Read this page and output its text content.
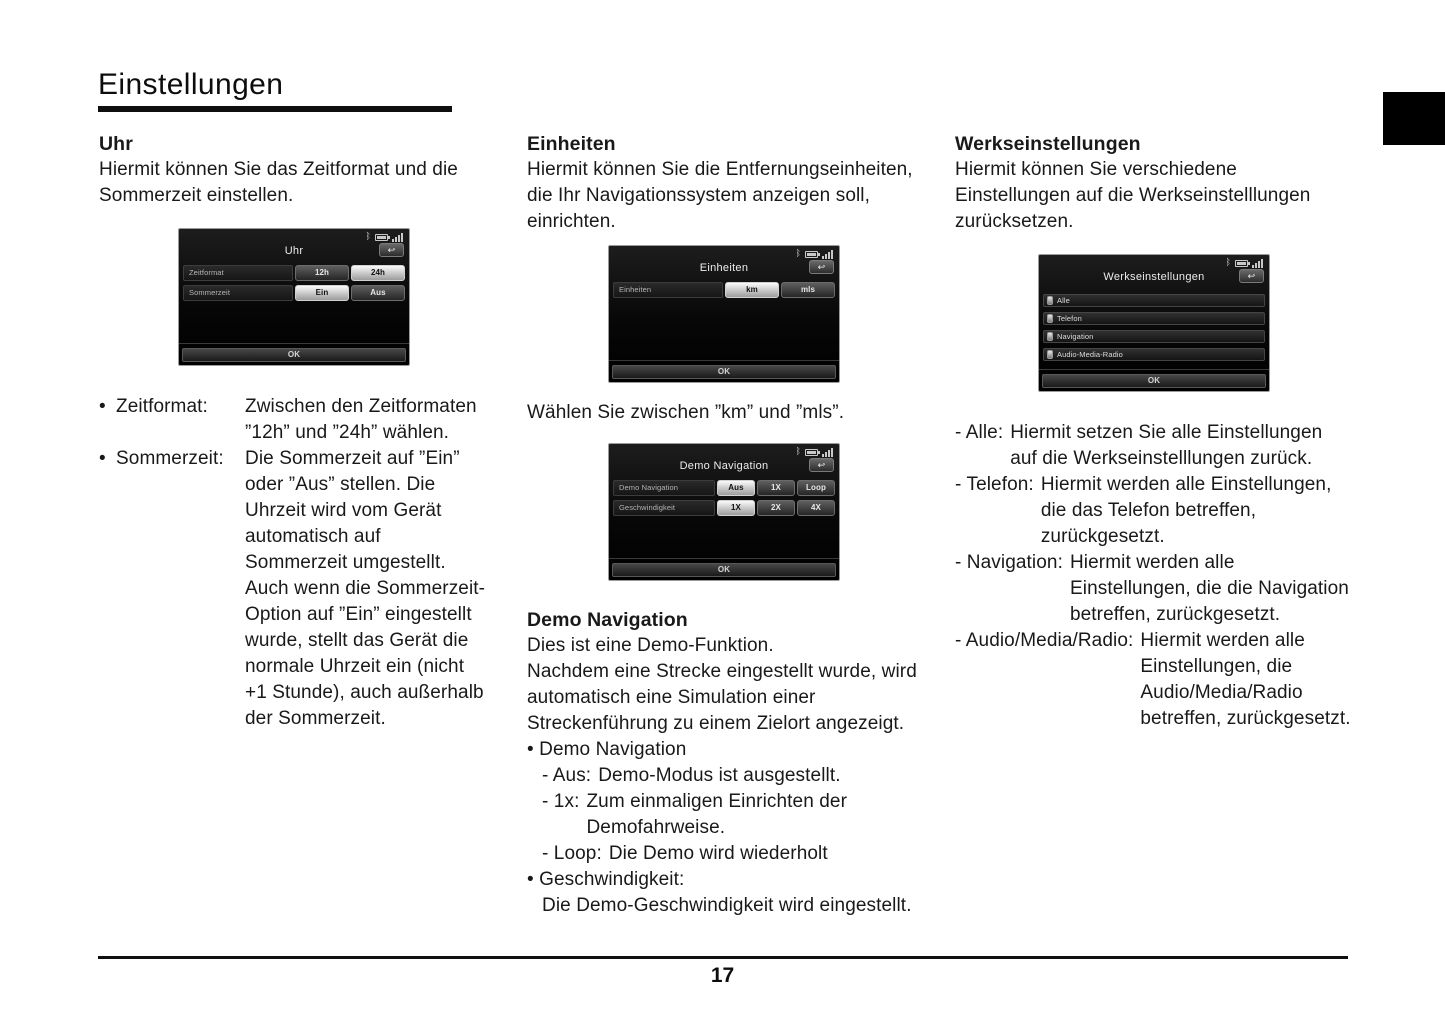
Einstellungen
17
Uhr
Hiermit können Sie das Zeitformat und die Sommerzeit einstellen.
ᛒ
Uhr	↩
Zeitformat	12h	24h
Sommerzeit	Ein	Aus
OK
• Zeitformat:	Zwischen den Zeitformaten ”12h” und ”24h” wählen.
• Sommerzeit:	Die Sommerzeit auf ”Ein” oder ”Aus” stellen. Die Uhrzeit wird vom Gerät automatisch auf Sommerzeit umgestellt. Auch wenn die Sommerzeit-Option auf ”Ein” eingestellt wurde, stellt das Gerät die normale Uhrzeit ein (nicht +1 Stunde), auch außerhalb der Sommerzeit.
Einheiten
Hiermit können Sie die Entfernungseinheiten, die Ihr Navigationssystem anzeigen soll, einrichten.
ᛒ
Einheiten	↩
Einheiten	km	mls
OK
Wählen Sie zwischen ”km” und ”mls”.
ᛒ
Demo Navigation	↩
Demo Navigation	Aus	1X	Loop
Geschwindigkeit	1X	2X	4X
OK
Demo Navigation
Dies ist eine Demo-Funktion.
Nachdem eine Strecke eingestellt wurde, wird automatisch eine Simulation einer Streckenführung zu einem Zielort angezeigt.
• Demo Navigation
- Aus: Demo-Modus ist ausgestellt.
- 1x: Zum einmaligen Einrichten der Demofahrweise.
- Loop: Die Demo wird wiederholt
• Geschwindigkeit:
Die Demo-Geschwindigkeit wird eingestellt.
Werkseinstellungen
Hiermit können Sie verschiedene Einstellungen auf die Werkseinstelllungen zurücksetzen.
ᛒ
Werkseinstellungen	↩
Alle
Telefon
Navigation
Audio-Media-Radio
OK
- Alle: Hiermit setzen Sie alle Einstellungen auf die Werkseinstelllungen zurück.
- Telefon: Hiermit werden alle Einstellungen, die das Telefon betreffen, zurückgesetzt.
- Navigation: Hiermit werden alle Einstellungen, die die Navigation betreffen, zurückgesetzt.
- Audio/Media/Radio: Hiermit werden alle Einstellungen, die Audio/Media/Radio betreffen, zurückgesetzt.
